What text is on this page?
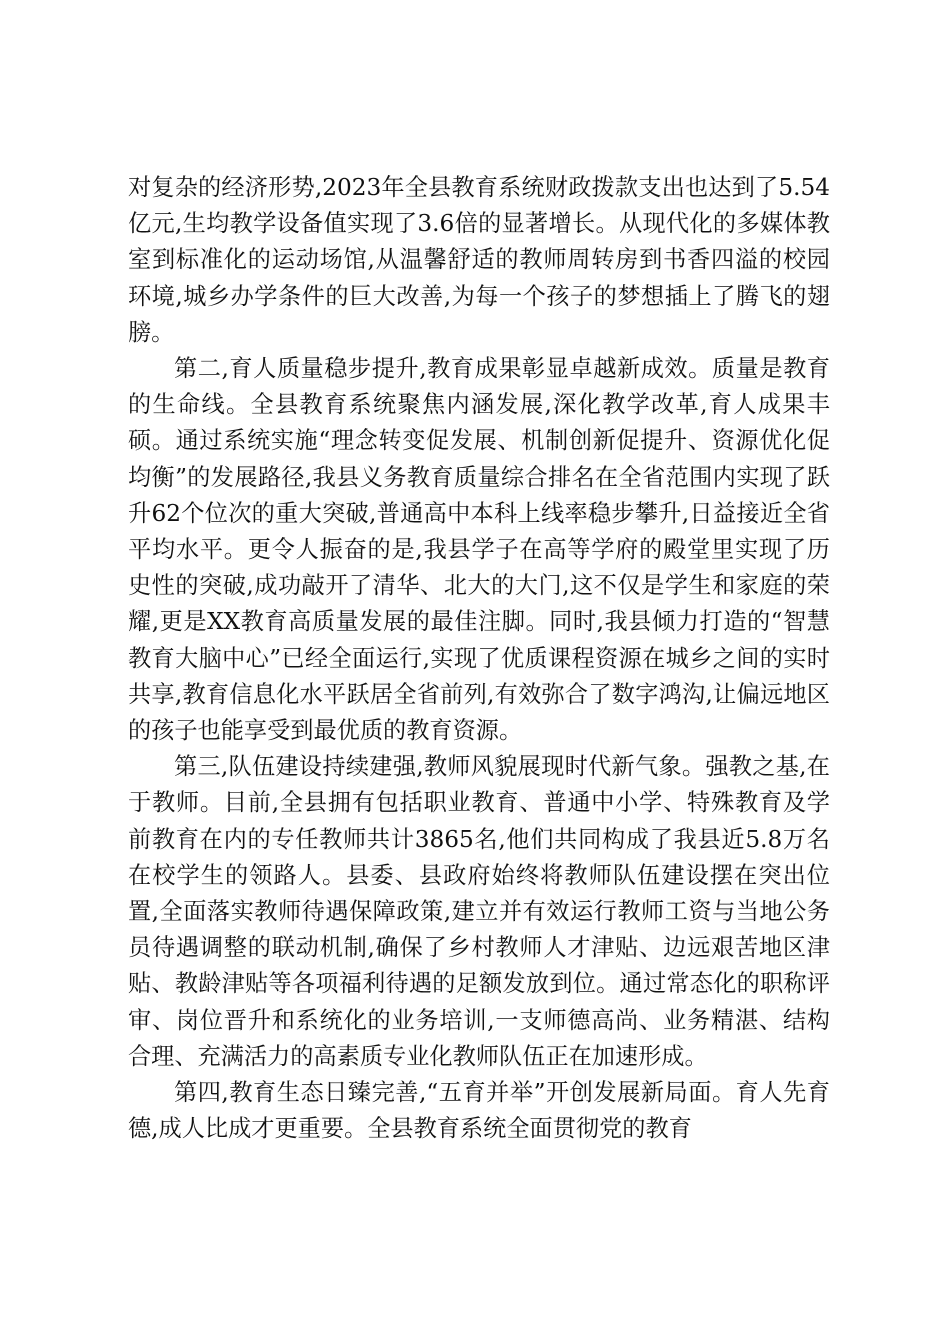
对复杂的经济形势,2023年全县教育系统财政拨款支出也达到了5.54亿元,生均教学设备值实现了3.6倍的显著增长。从现代化的多媒体教室到标准化的运动场馆,从温馨舒适的教师周转房到书香四溢的校园环境,城乡办学条件的巨大改善,为每一个孩子的梦想插上了腾飞的翅膀。

第二,育人质量稳步提升,教育成果彰显卓越新成效。质量是教育的生命线。全县教育系统聚焦内涵发展,深化教学改革,育人成果丰硕。通过系统实施“理念转变促发展、机制创新促提升、资源优化促均衡”的发展路径,我县义务教育质量综合排名在全省范围内实现了跃升62个位次的重大突破,普通高中本科上线率稳步攀升,日益接近全省平均水平。更令人振奋的是,我县学子在高等学府的殿堂里实现了历史性的突破,成功敲开了清华、北大的大门,这不仅是学生和家庭的荣耀,更是XX教育高质量发展的最佳注脚。同时,我县倾力打造的“智慧教育大脑中心”已经全面运行,实现了优质课程资源在城乡之间的实时共享,教育信息化水平跃居全省前列,有效弥合了数字鸿沟,让偏远地区的孩子也能享受到最优质的教育资源。

第三,队伍建设持续建强,教师风貌展现时代新气象。强教之基,在于教师。目前,全县拥有包括职业教育、普通中小学、特殊教育及学前教育在内的专任教师共计3865名,他们共同构成了我县近5.8万名在校学生的领路人。县委、县政府始终将教师队伍建设摆在突出位置,全面落实教师待遇保障政策,建立并有效运行教师工资与当地公务员待遇调整的联动机制,确保了乡村教师人才津贴、边远艰苦地区津贴、教龄津贴等各项福利待遇的足额发放到位。通过常态化的职称评审、岗位晋升和系统化的业务培训,一支师德高尚、业务精湛、结构合理、充满活力的高素质专业化教师队伍正在加速形成。

第四,教育生态日臻完善,“五育并举”开创发展新局面。育人先育德,成人比成才更重要。全县教育系统全面贯彻党的教育
